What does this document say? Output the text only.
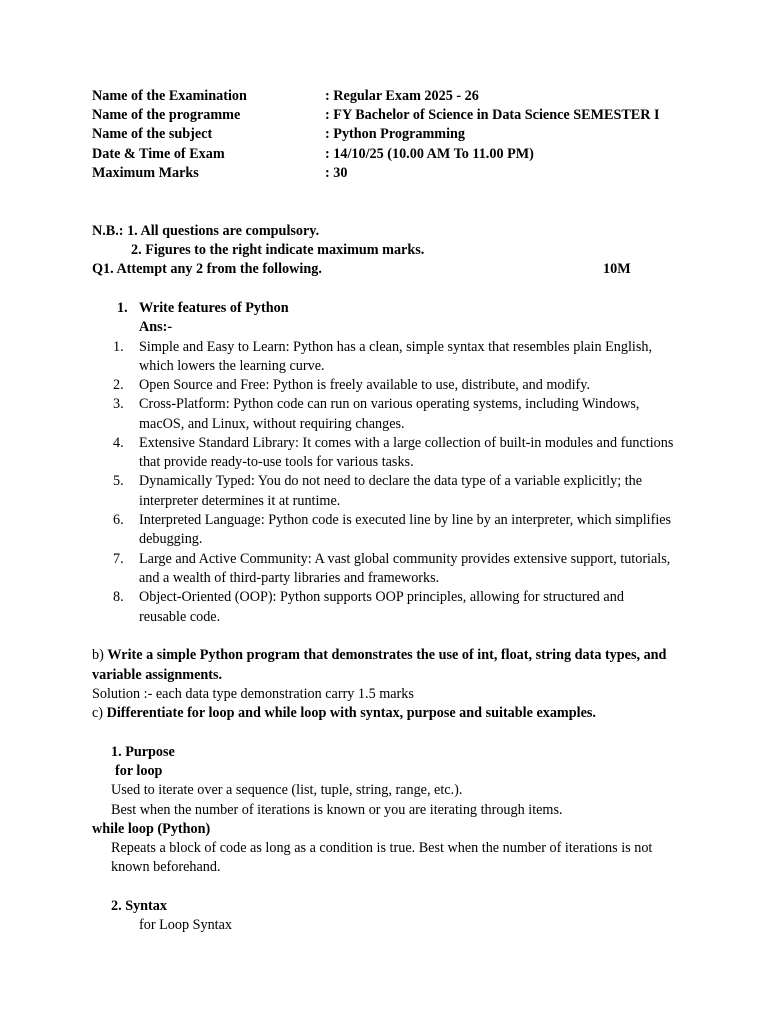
Name of the Examination	: Regular Exam 2025 - 26
Name of the programme	: FY Bachelor of Science in Data Science SEMESTER I
Name of the subject	: Python Programming
Date & Time of Exam	: 14/10/25 (10.00 AM To 11.00 PM)
Maximum Marks	: 30
N.B.: 1. All questions are compulsory.
2. Figures to the right indicate maximum marks.
Q1. Attempt any 2 from the following.	10M
1. Write features of Python
Ans:-
1.	Simple and Easy to Learn: Python has a clean, simple syntax that resembles plain English,
which lowers the learning curve.
2.	Open Source and Free: Python is freely available to use, distribute, and modify.
3.	Cross-Platform: Python code can run on various operating systems, including Windows,
macOS, and Linux, without requiring changes.
4.	Extensive Standard Library: It comes with a large collection of built-in modules and functions
that provide ready-to-use tools for various tasks.
5.	Dynamically Typed: You do not need to declare the data type of a variable explicitly; the
interpreter determines it at runtime.
6.	Interpreted Language: Python code is executed line by line by an interpreter, which simplifies
debugging.
7.	Large and Active Community: A vast global community provides extensive support, tutorials,
and a wealth of third-party libraries and frameworks.
8.	Object-Oriented (OOP): Python supports OOP principles, allowing for structured and
reusable code.
b) Write a simple Python program that demonstrates the use of int, float, string data types, and
variable assignments.
Solution :- each data type demonstration carry 1.5 marks
c) Differentiate for loop and while loop with syntax, purpose and suitable examples.
1. Purpose
for loop
Used to iterate over a sequence (list, tuple, string, range, etc.).
Best when the number of iterations is known or you are iterating through items.
while loop (Python)
Repeats a block of code as long as a condition is true. Best when the number of iterations is not
known beforehand.
2. Syntax
for Loop Syntax
